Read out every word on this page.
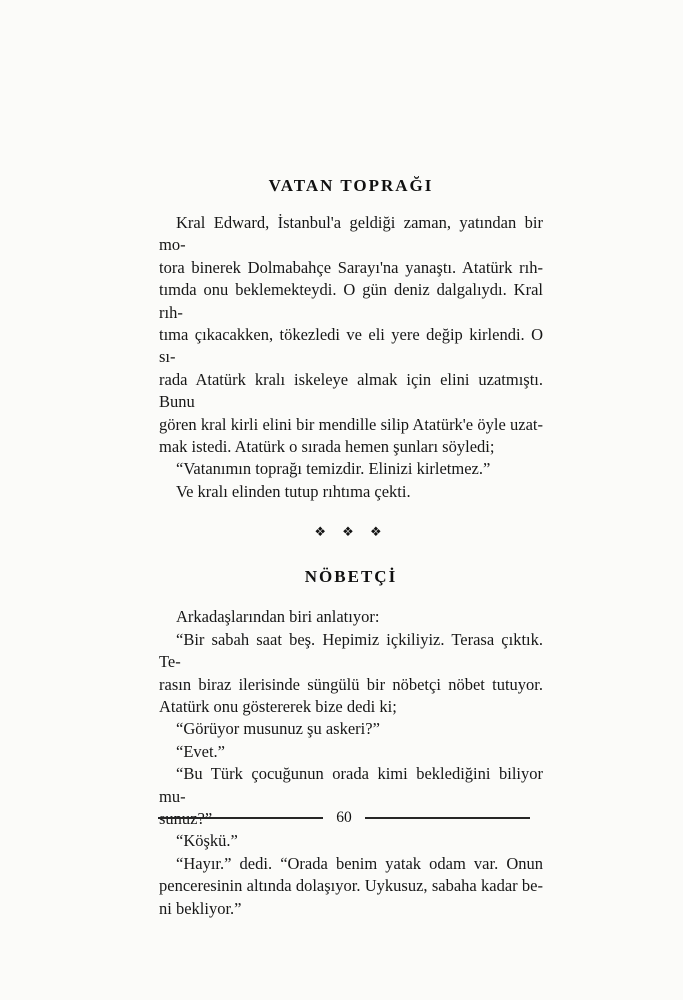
VATAN TOPRAĞI
Kral Edward, İstanbul'a geldiği zaman, yatından bir mo-
tora binerek Dolmabahçe Sarayı'na yanaştı. Atatürk rıh-
tımda onu beklemekteydi. O gün deniz dalgalıydı. Kral rıh-
tıma çıkacakken, tökezledi ve eli yere değip kirlendi. O sı-
rada Atatürk kralı iskeleye almak için elini uzatmıştı. Bunu
gören kral kirli elini bir mendille silip Atatürk'e öyle uzat-
mak istedi. Atatürk o sırada hemen şunları söyledi;
“Vatanımın toprağı temizdir. Elinizi kirletmez.”
Ve kralı elinden tutup rıhtıma çekti.
❖ ❖ ❖
NÖBETÇİ
Arkadaşlarından biri anlatıyor:
“Bir sabah saat beş. Hepimiz içkiliyiz. Terasa çıktık. Te-
rasın biraz ilerisinde süngülü bir nöbetçi nöbet tutuyor.
Atatürk onu göstererek bize dedi ki;
“Görüyor musunuz şu askeri?”
“Evet.”
“Bu Türk çocuğunun orada kimi beklediğini biliyor mu-
“Köşkü.”
“Hayır.” dedi. “Orada benim yatak odam var. Onun
penceresinin altında dolaşıyor. Uykusuz, sabaha kadar be-
ni bekliyor.”
60
